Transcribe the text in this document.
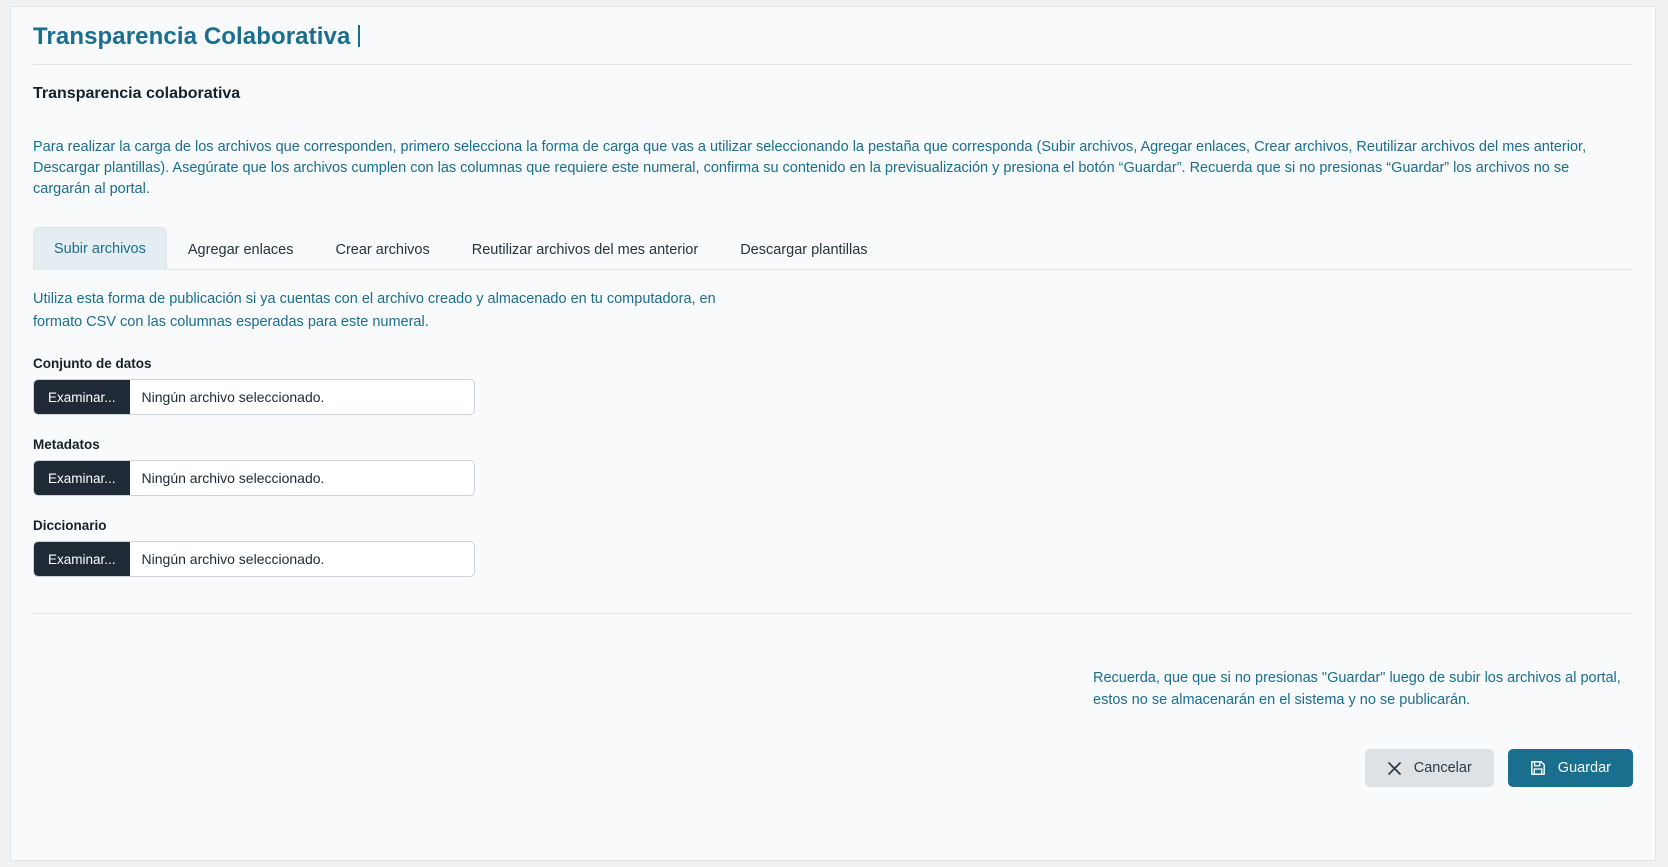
Transparencia Colaborativa
Transparencia colaborativa

Para realizar la carga de los archivos que corresponden, primero selecciona la forma de carga que vas a utilizar seleccionando la pestaña que corresponda (Subir archivos, Agregar enlaces, Crear archivos, Reutilizar archivos del mes anterior, Descargar plantillas). Asegúrate que los archivos cumplen con las columnas que requiere este numeral, confirma su contenido en la previsualización y presiona el botón “Guardar”. Recuerda que si no presionas “Guardar” los archivos no se cargarán al portal.

Subir archivos	Agregar enlaces	Crear archivos	Reutilizar archivos del mes anterior	Descargar plantillas

Utiliza esta forma de publicación si ya cuentas con el archivo creado y almacenado en tu computadora, en formato CSV con las columnas esperadas para este numeral.

Conjunto de datos
Examinar...	Ningún archivo seleccionado.
Metadatos
Examinar...	Ningún archivo seleccionado.
Diccionario
Examinar...	Ningún archivo seleccionado.

Recuerda, que que si no presionas "Guardar" luego de subir los archivos al portal, estos no se almacenarán en el sistema y no se publicarán.

Cancelar	Guardar
